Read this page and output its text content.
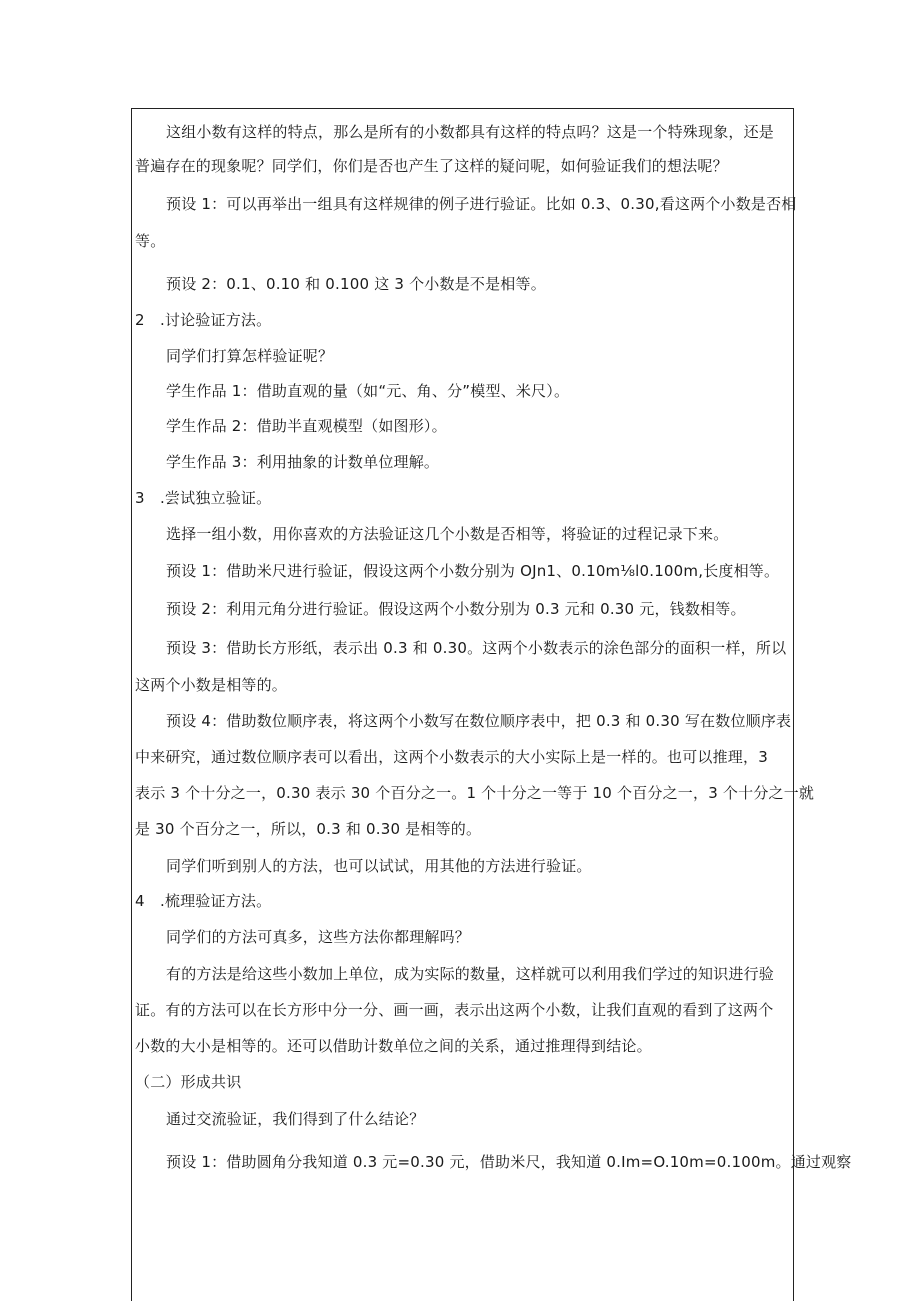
这组小数有这样的特点，那么是所有的小数都具有这样的特点吗？这是一个特殊现象，还是
普遍存在的现象呢？同学们，你们是否也产生了这样的疑问呢，如何验证我们的想法呢？
预设 1：可以再举出一组具有这样规律的例子进行验证。比如 0.3、0.30,看这两个小数是否相
等。
预设 2：0.1、0.10 和 0.100 这 3 个小数是不是相等。
2　.讨论验证方法。
同学们打算怎样验证呢？
学生作品 1：借助直观的量（如“元、角、分”模型、米尺）。
学生作品 2：借助半直观模型（如图形）。
学生作品 3：利用抽象的计数单位理解。
3　.尝试独立验证。
选择一组小数，用你喜欢的方法验证这几个小数是否相等，将验证的过程记录下来。
预设 1：借助米尺进行验证，假设这两个小数分别为 OJn1、0.10m⅛l0.100m,长度相等。
预设 2：利用元角分进行验证。假设这两个小数分别为 0.3 元和 0.30 元，钱数相等。
预设 3：借助长方形纸，表示出 0.3 和 0.30。这两个小数表示的涂色部分的面积一样，所以
这两个小数是相等的。
预设 4：借助数位顺序表，将这两个小数写在数位顺序表中，把 0.3 和 0.30 写在数位顺序表
中来研究，通过数位顺序表可以看出，这两个小数表示的大小实际上是一样的。也可以推理，3
表示 3 个十分之一，0.30 表示 30 个百分之一。1 个十分之一等于 10 个百分之一，3 个十分之一就
是 30 个百分之一，所以，0.3 和 0.30 是相等的。
同学们听到别人的方法，也可以试试，用其他的方法进行验证。
4　.梳理验证方法。
同学们的方法可真多，这些方法你都理解吗？
有的方法是给这些小数加上单位，成为实际的数量，这样就可以利用我们学过的知识进行验
证。有的方法可以在长方形中分一分、画一画，表示出这两个小数，让我们直观的看到了这两个
小数的大小是相等的。还可以借助计数单位之间的关系，通过推理得到结论。
（二）形成共识
通过交流验证，我们得到了什么结论？
预设 1：借助圆角分我知道 0.3 元=0.30 元，借助米尺，我知道 0.Im=O.10m=0.100m。通过观察
